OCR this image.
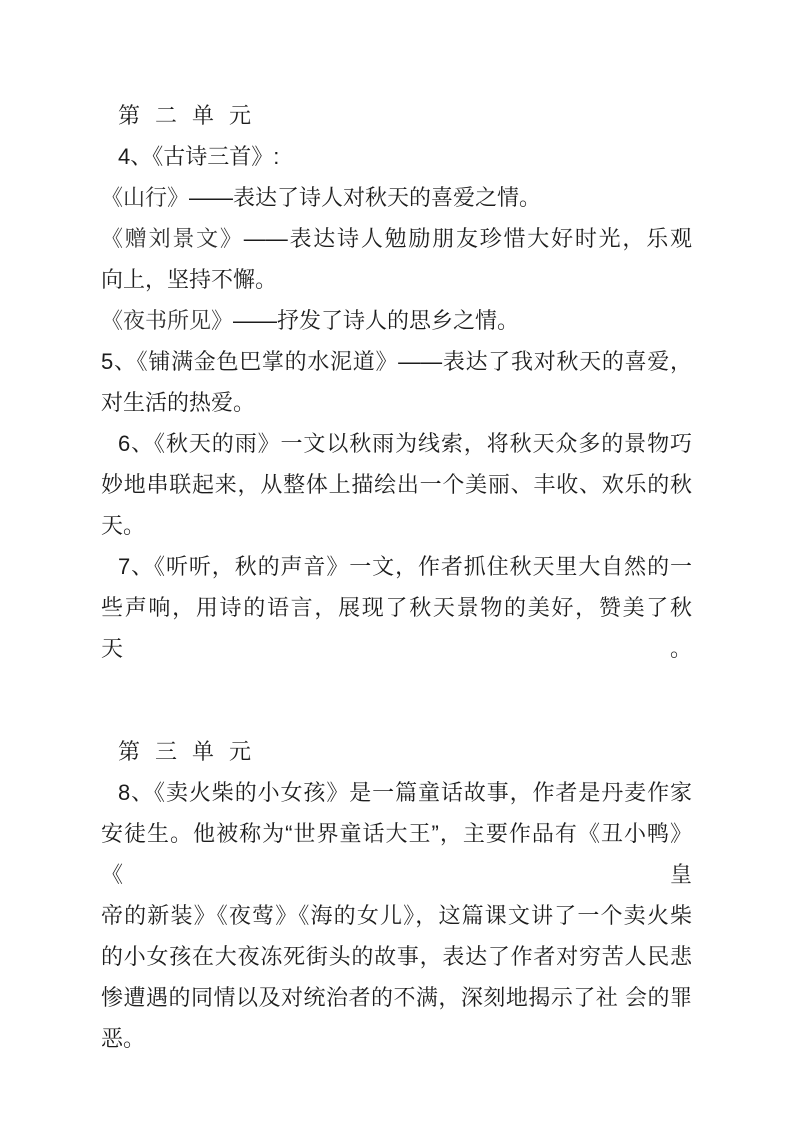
第二单元
4、《古诗三首》:
《山行》——表达了诗人对秋天的喜爱之情。
《赠刘景文》——表达诗人勉励朋友珍惜大好时光，乐观
向上，坚持不懈。
《夜书所见》——抒发了诗人的思乡之情。
5、《铺满金色巴掌的水泥道》——表达了我对秋天的喜爱，
对生活的热爱。
6、《秋天的雨》一文以秋雨为线索，将秋天众多的景物巧
妙地串联起来，从整体上描绘出一个美丽、丰收、欢乐的秋
天。
7、《听听，秋的声音》一文，作者抓住秋天里大自然的一
些声响，用诗的语言，展现了秋天景物的美好，赞美了秋天。
第三单元
8、《卖火柴的小女孩》是一篇童话故事，作者是丹麦作家
安徒生。他被称为“世界童话大王”，主要作品有《丑小鸭》《皇
帝的新装》《夜莺》《海的女儿》，这篇课文讲了一个卖火柴
的小女孩在大夜冻死街头的故事，表达了作者对穷苦人民悲
惨遭遇的同情以及对统治者的不满，深刻地揭示了社 会的罪
恶。
